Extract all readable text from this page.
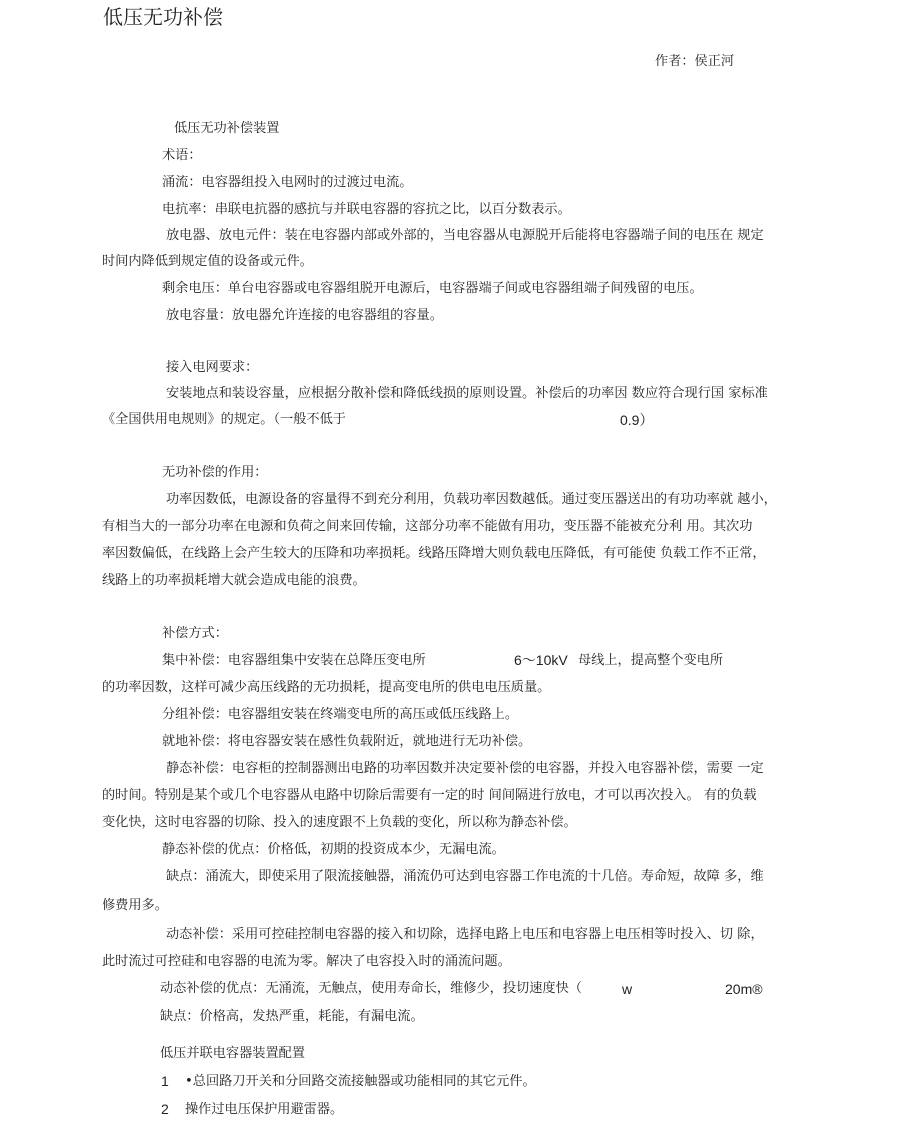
低压无功补偿
作者：侯正河
低压无功补偿装置
术语：
涌流：电容器组投入电网时的过渡过电流。
电抗率：串联电抗器的感抗与并联电容器的容抗之比，以百分数表示。
放电器、放电元件：装在电容器内部或外部的，当电容器从电源脱开后能将电容器端子间的电压在 规定
时间内降低到规定值的设备或元件。
剩余电压：单台电容器或电容器组脱开电源后，电容器端子间或电容器组端子间残留的电压。
放电容量：放电器允许连接的电容器组的容量。
接入电网要求：
安装地点和装设容量，应根据分散补偿和降低线损的原则设置。补偿后的功率因 数应符合现行国 家标准
《全国供用电规则》的规定。（一般不低于	0.9）
无功补偿的作用：
功率因数低，电源设备的容量得不到充分利用，负载功率因数越低。通过变压器送出的有功功率就 越小，
有相当大的一部分功率在电源和负荷之间来回传输，这部分功率不能做有用功，变压器不能被充分利 用。其次功
率因数偏低，在线路上会产生较大的压降和功率损耗。线路压降增大则负载电压降低，有可能使 负载工作不正常，
线路上的功率损耗增大就会造成电能的浪费。
补偿方式：
集中补偿：电容器组集中安装在总降压变电所	6～10kV 母线上，提高整个变电所
的功率因数，这样可减少高压线路的无功损耗，提高变电所的供电电压质量。
分组补偿：电容器组安装在终端变电所的高压或低压线路上。
就地补偿：将电容器安装在感性负载附近，就地进行无功补偿。
静态补偿：电容柜的控制器测出电路的功率因数并决定要补偿的电容器，并投入电容器补偿，需要 一定
的时间。特别是某个或几个电容器从电路中切除后需要有一定的时 间间隔进行放电，才可以再次投入。 有的负载
变化快，这时电容器的切除、投入的速度跟不上负载的变化，所以称为静态补偿。
静态补偿的优点：价格低，初期的投资成本少，无漏电流。
缺点：涌流大，即使采用了限流接触器，涌流仍可达到电容器工作电流的十几倍。寿命短，故障 多，维
修费用多。
动态补偿：采用可控硅控制电容器的接入和切除，选择电路上电压和电容器上电压相等时投入、切 除，
此时流过可控硅和电容器的电流为零。解决了电容投入时的涌流问题。
动态补偿的优点：无涌流，无触点，使用寿命长，维修少，投切速度快（	w	20m®
缺点：价格高，发热严重，耗能，有漏电流。
低压并联电容器装置配置
1 •总回路刀开关和分回路交流接触器或功能相同的其它元件。
2 操作过电压保护用避雷器。
